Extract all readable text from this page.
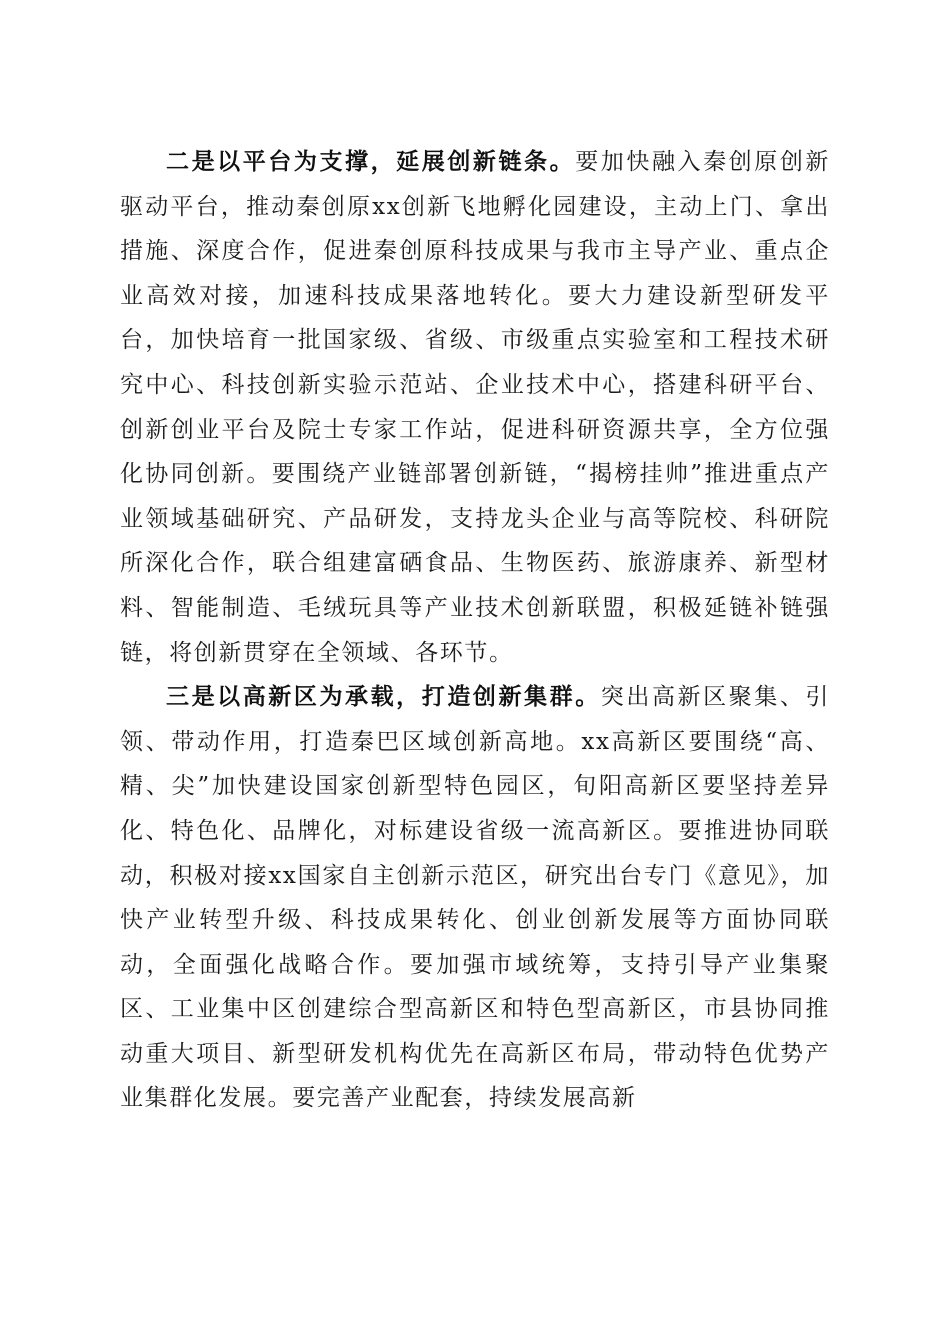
二是以平台为支撑，延展创新链条。要加快融入秦创原创新驱动平台，推动秦创原xx创新飞地孵化园建设，主动上门、拿出措施、深度合作，促进秦创原科技成果与我市主导产业、重点企业高效对接，加速科技成果落地转化。要大力建设新型研发平台，加快培育一批国家级、省级、市级重点实验室和工程技术研究中心、科技创新实验示范站、企业技术中心，搭建科研平台、创新创业平台及院士专家工作站，促进科研资源共享，全方位强化协同创新。要围绕产业链部署创新链，“揭榜挂帅”推进重点产业领域基础研究、产品研发，支持龙头企业与高等院校、科研院所深化合作，联合组建富硒食品、生物医药、旅游康养、新型材料、智能制造、毛绒玩具等产业技术创新联盟，积极延链补链强链，将创新贯穿在全领域、各环节。

三是以高新区为承载，打造创新集群。突出高新区聚集、引领、带动作用，打造秦巴区域创新高地。xx高新区要围绕“高、精、尖”加快建设国家创新型特色园区，旬阳高新区要坚持差异化、特色化、品牌化，对标建设省级一流高新区。要推进协同联动，积极对接xx国家自主创新示范区，研究出台专门《意见》，加快产业转型升级、科技成果转化、创业创新发展等方面协同联动，全面强化战略合作。要加强市域统筹，支持引导产业集聚区、工业集中区创建综合型高新区和特色型高新区，市县协同推动重大项目、新型研发机构优先在高新区布局，带动特色优势产业集群化发展。要完善产业配套，持续发展高新
